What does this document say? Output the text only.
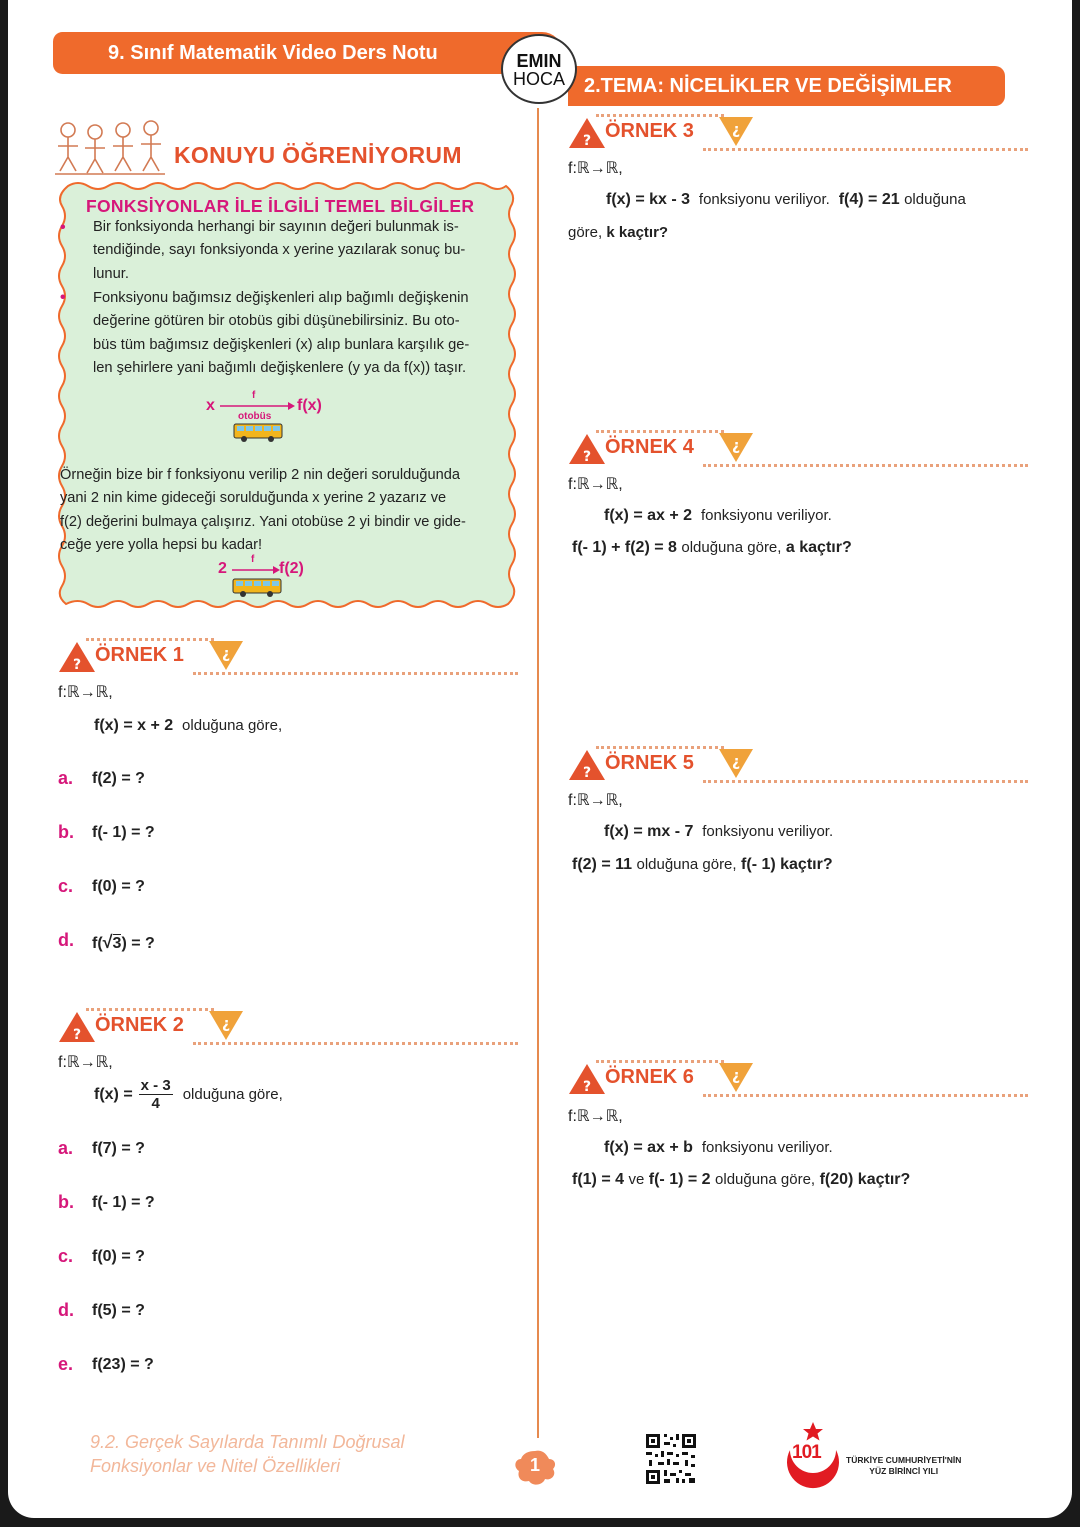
9. Sınıf Matematik Video Ders Notu
2.TEMA: NİCELİKLER VE DEĞİŞİMLER
EMIN
HOCA
KONUYU ÖĞRENİYORUM
FONKSİYONLAR İLE İLGİLİ TEMEL BİLGİLER
• Bir fonksiyonda herhangi bir sayının değeri bulunmak is-
tendiğinde, sayı fonksiyonda x yerine yazılarak sonuç bu-
lunur.
• Fonksiyonu bağımsız değişkenleri alıp bağımlı değişkenin
değerine götüren bir otobüs gibi düşünebilirsiniz. Bu oto-
büs tüm bağımsız değişkenleri (x) alıp bunlara karşılık ge-
len şehirlere yani bağımlı değişkenlere (y ya da f(x)) taşır.
x
f
otobüs
f(x)
Örneğin bize bir f fonksiyonu verilip 2 nin değeri sorulduğunda
yani 2 nin kime gideceği sorulduğunda x yerine 2 yazarız ve
f(2) değerini bulmaya çalışırız. Yani otobüse 2 yi bindir ve gide-
ceğe yere yolla hepsi bu kadar!
2
f
f(2)
? ÖRNEK 1	¿
f:ℝ→ℝ,
f(x) = x + 2 olduğuna göre,
a. f(2) = ?
b. f(- 1) = ?
c. f(0) = ?
d. f(√3) = ?
? ÖRNEK 2	¿
f:ℝ→ℝ,
$f(x) = \frac{x - 3}{4}$ olduğuna göre,
a. f(7) = ?
b. f(- 1) = ?
c. f(0) = ?
d. f(5) = ?
e. f(23) = ?
? ÖRNEK 3	¿
f:ℝ→ℝ,
f(x) = kx - 3 fonksiyonu veriliyor. f(4) = 21 olduğuna
göre, k kaçtır?
? ÖRNEK 4	¿
f:ℝ→ℝ,
f(x) = ax + 2 fonksiyonu veriliyor.
f(- 1) + f(2) = 8 olduğuna göre, a kaçtır?
? ÖRNEK 5	¿
f:ℝ→ℝ,
f(x) = mx - 7 fonksiyonu veriliyor.
f(2) = 11 olduğuna göre, f(- 1) kaçtır?
? ÖRNEK 6	¿
f:ℝ→ℝ,
f(x) = ax + b fonksiyonu veriliyor.
f(1) = 4 ve f(- 1) = 2 olduğuna göre, f(20) kaçtır?
9.2. Gerçek Sayılarda Tanımlı Doğrusal
Fonksiyonlar ve Nitel Özellikleri	1
101	TÜRKİYE CUMHURİYETİ'NİN
YÜZ BİRİNCİ YILI
